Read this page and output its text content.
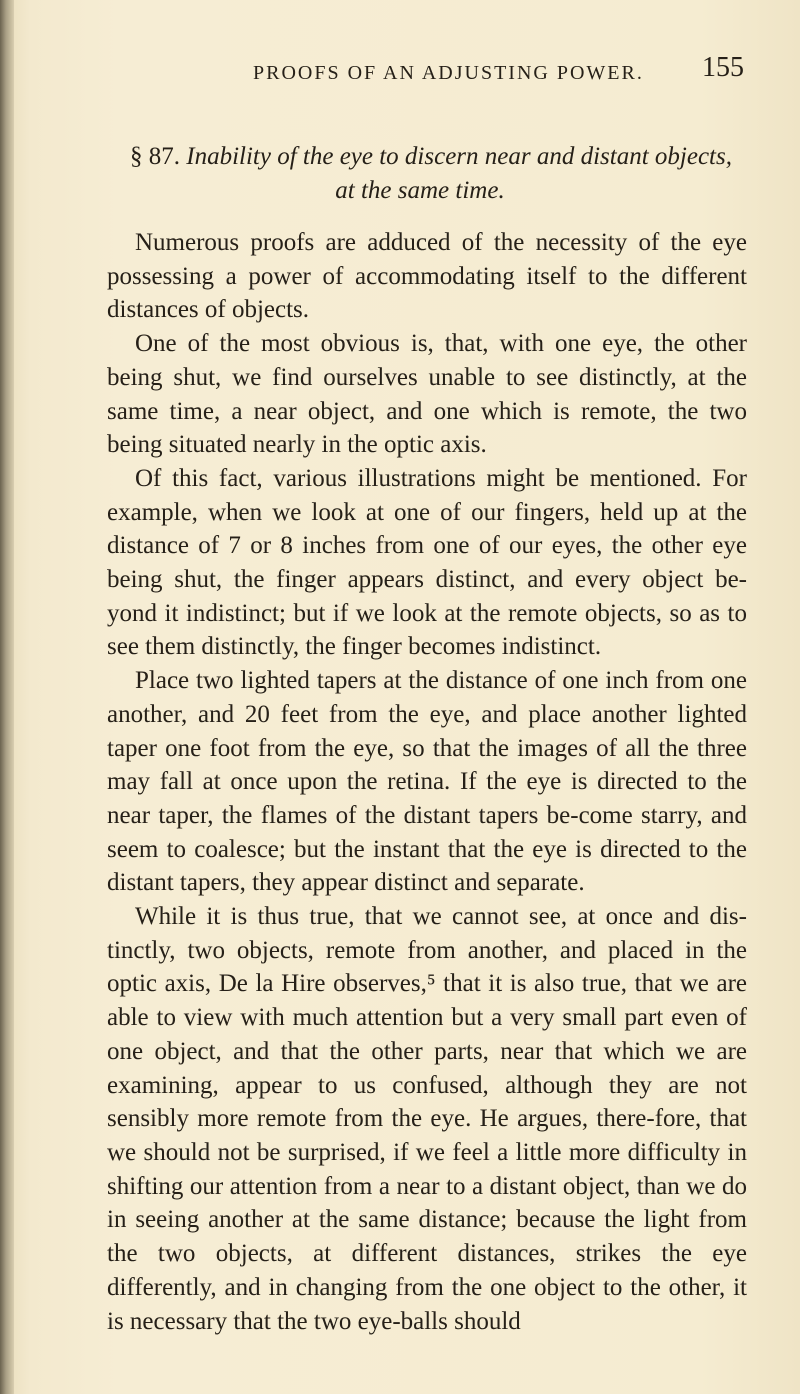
PROOFS OF AN ADJUSTING POWER. 155
§ 87. Inability of the eye to discern near and distant objects,
at the same time.

Numerous proofs are adduced of the necessity of the eye possessing a power of accommodating itself to the different distances of objects.

One of the most obvious is, that, with one eye, the other being shut, we find ourselves unable to see distinctly, at the same time, a near object, and one which is remote, the two being situated nearly in the optic axis.

Of this fact, various illustrations might be mentioned. For example, when we look at one of our fingers, held up at the distance of 7 or 8 inches from one of our eyes, the other eye being shut, the finger appears distinct, and every object be-yond it indistinct; but if we look at the remote objects, so as to see them distinctly, the finger becomes indistinct.

Place two lighted tapers at the distance of one inch from one another, and 20 feet from the eye, and place another lighted taper one foot from the eye, so that the images of all the three may fall at once upon the retina. If the eye is directed to the near taper, the flames of the distant tapers be-come starry, and seem to coalesce; but the instant that the eye is directed to the distant tapers, they appear distinct and separate.

While it is thus true, that we cannot see, at once and dis-tinctly, two objects, remote from another, and placed in the optic axis, De la Hire observes,⁵ that it is also true, that we are able to view with much attention but a very small part even of one object, and that the other parts, near that which we are examining, appear to us confused, although they are not sensibly more remote from the eye. He argues, there-fore, that we should not be surprised, if we feel a little more difficulty in shifting our attention from a near to a distant object, than we do in seeing another at the same distance; because the light from the two objects, at different distances, strikes the eye differently, and in changing from the one object to the other, it is necessary that the two eye-balls should
